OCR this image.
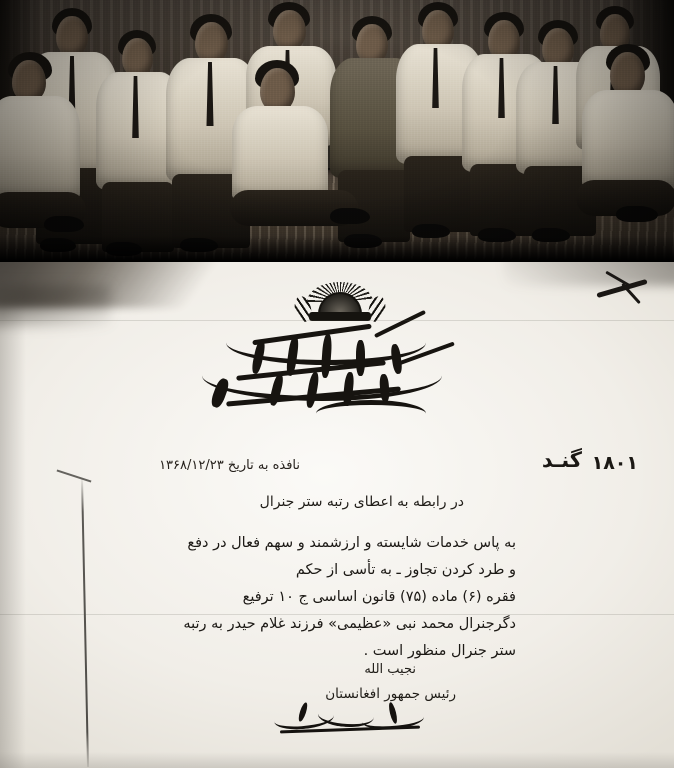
نافذه به تاریخ ۱۳۶۸/۱۲/۲۳	گنـد ۱۸۰۱
در رابطه به اعطای رتبه ستر جنرال
به پاس خدمات شایسته و ارزشمند و سهم فعال در دفع
و طرد کردن تجاوز ـ به تأسی از حکم
فقره (۶) ماده (۷۵) قانون اساسی ج ۱۰ ترفیع
دگرجنرال محمد نبی «عظیمی» فرزند غلام حیدر به رتبه
ستر جنرال منظور است .
نجیب الله
رئیس جمهور افغانستان
